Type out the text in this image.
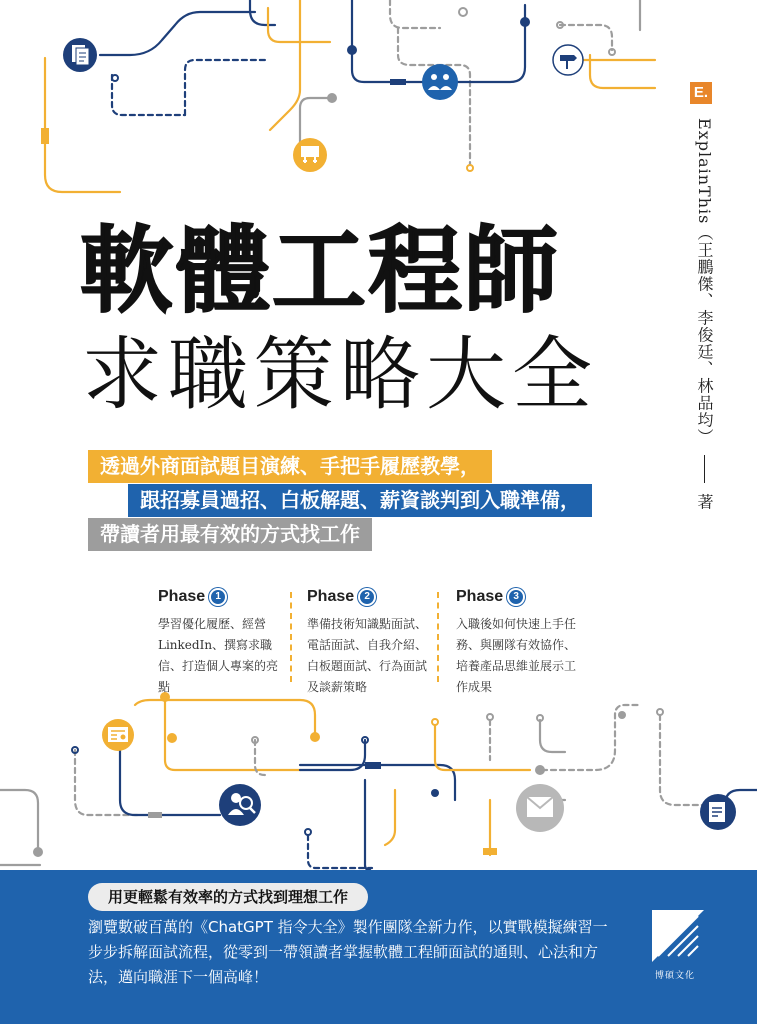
軟體工程師
求職策略大全
透過外商面試題目演練、手把手履歷教學，
跟招募員過招、白板解題、薪資談判到入職準備，
帶讀者用最有效的方式找工作
Phase	1

學習優化履歷、經營 LinkedIn、撰寫求職信、打造個人專案的亮點

Phase	2

準備技術知識點面試、電話面試、自我介紹、白板題面試、行為面試及談薪策略

Phase	3

入職後如何快速上手任務、與團隊有效協作、培養產品思維並展示工作成果

E.
ExplainThis（王鵬傑、李俊廷、林品均）  著
用更輕鬆有效率的方式找到理想工作

瀏覽數破百萬的《ChatGPT 指令大全》製作團隊全新力作，以實戰模擬練習一步步拆解面試流程，從零到一帶領讀者掌握軟體工程師面試的通則、心法和方法，邁向職涯下一個高峰！	博碩文化
